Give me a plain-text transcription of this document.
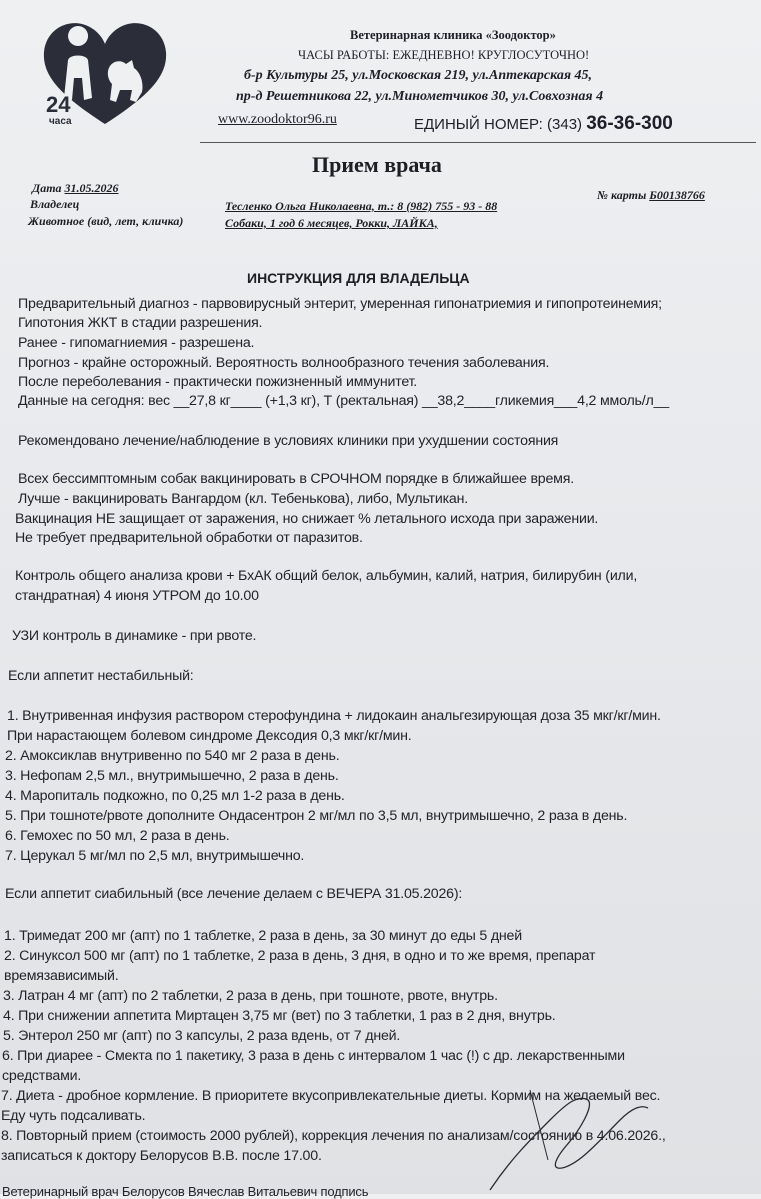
24
часа
Ветеринарная клиника «Зоодоктор»
ЧАСЫ РАБОТЫ: ЕЖЕДНЕВНО! КРУГЛОСУТОЧНО!
б-р Культуры 25, ул.Московская 219, ул.Аптекарская 45,
пр-д Решетникова 22, ул.Минометчиков 30, ул.Совхозная 4
www.zoodoktor96.ru	ЕДИНЫЙ НОМЕР: (343) 36-36-300
Прием врача
Дата 31.05.2026
Владелец
Животное (вид, лет, кличка)
Тесленко Ольга Николаевна, т.: 8 (982) 755 - 93 - 88
Собаки, 1 год 6 месяцев, Рокки, ЛАЙКА,
№ карты Б00138766
ИНСТРУКЦИЯ ДЛЯ ВЛАДЕЛЬЦА
Предварительный диагноз - парвовирусный энтерит, умеренная гипонатриемия и гипопротеинемия;
Гипотония ЖКТ в стадии разрешения.
Ранее - гипомагниемия - разрешена.
Прогноз - крайне осторожный. Вероятность волнообразного течения заболевания.
После переболевания - практически пожизненный иммунитет.
Данные на сегодня: вес __27,8 кг____ (+1,3 кг), Т (ректальная) __38,2____гликемия___4,2 ммоль/л__
Рекомендовано лечение/наблюдение в условиях клиники при ухудшении состояния
Всех бессимптомным собак вакцинировать в СРОЧНОМ порядке в ближайшее время.
Лучше - вакцинировать Вангардом (кл. Тебенькова), либо, Мультикан.
Вакцинация НЕ защищает от заражения, но снижает % летального исхода при заражении.
Не требует предварительной обработки от паразитов.
Контроль общего анализа крови + БхАК общий белок, альбумин, калий, натрия, билирубин (или,
стандратная) 4 июня УТРОМ до 10.00
УЗИ контроль в динамике - при рвоте.
Если аппетит нестабильный:
1. Внутривенная инфузия раствором стерофундина + лидокаин анальгезирующая доза 35 мкг/кг/мин.
При нарастающем болевом синдроме Дексодия 0,3 мкг/кг/мин.
2. Амоксиклав внутривенно по 540 мг 2 раза в день.
3. Нефопам 2,5 мл., внутримышечно, 2 раза в день.
4. Маропиталь подкожно, по 0,25 мл 1-2 раза в день.
5. При тошноте/рвоте дополните Ондасентрон 2 мг/мл по 3,5 мл, внутримышечно, 2 раза в день.
6. Гемохес по 50 мл, 2 раза в день.
7. Церукал 5 мг/мл по 2,5 мл, внутримышечно.
Если аппетит сиабильный (все лечение делаем с ВЕЧЕРА 31.05.2026):
1. Тримедат 200 мг (апт) по 1 таблетке, 2 раза в день, за 30 минут до еды 5 дней
2. Синуксол 500 мг (апт) по 1 таблетке, 2 раза в день, 3 дня, в одно и то же время, препарат
времязависимый.
3. Латран 4 мг (апт) по 2 таблетки, 2 раза в день, при тошноте, рвоте, внутрь.
4. При снижении аппетита Миртацен 3,75 мг (вет) по 3 таблетки, 1 раз в 2 дня, внутрь.
5. Энтерол 250 мг (апт) по 3 капсулы, 2 раза вдень, от 7 дней.
6. При диарее - Смекта по 1 пакетику, 3 раза в день с интервалом 1 час (!) с др. лекарственными
средствами.
7. Диета - дробное кормление. В приоритете вкусопривлекательные диеты. Кормим на желаемый вес.
Еду чуть подсаливать.
8. Повторный прием (стоимость 2000 рублей), коррекция лечения по анализам/состоянию в 4.06.2026.,
записаться к доктору Белорусов В.В. после 17.00.
Ветеринарный врач Белорусов Вячеслав Витальевич подпись
